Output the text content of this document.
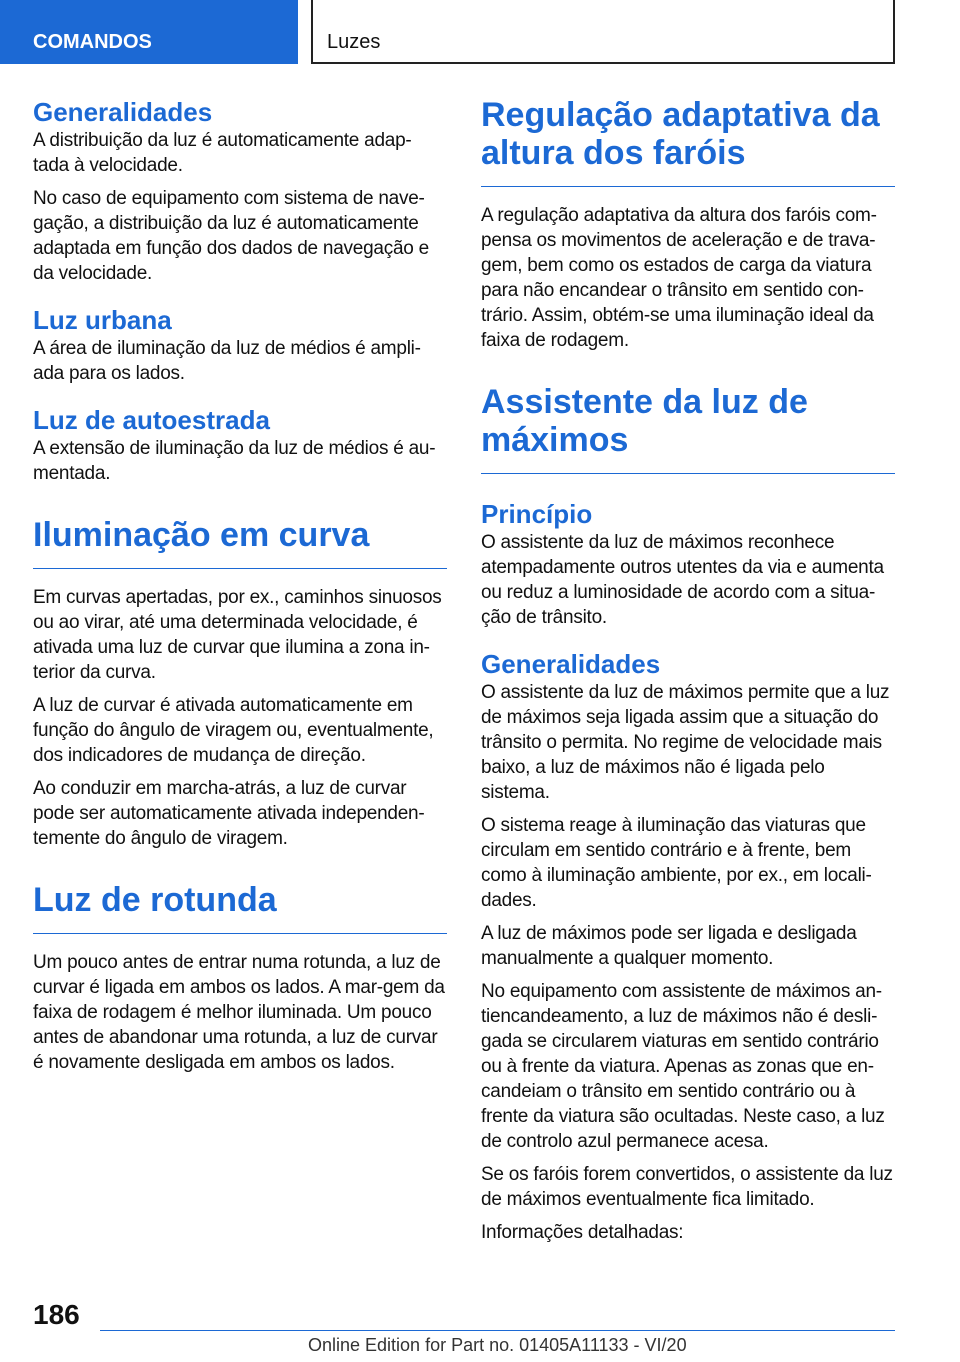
COMANDOS	Luzes
Generalidades

A distribuição da luz é automaticamente adap-tada à velocidade.

No caso de equipamento com sistema de nave-gação, a distribuição da luz é automaticamente adaptada em função dos dados de navegação e da velocidade.

Luz urbana

A área de iluminação da luz de médios é ampli-ada para os lados.

Luz de autoestrada

A extensão de iluminação da luz de médios é au-mentada.

Iluminação em curva

Em curvas apertadas, por ex., caminhos sinuosos ou ao virar, até uma determinada velocidade, é ativada uma luz de curvar que ilumina a zona in-terior da curva.

A luz de curvar é ativada automaticamente em função do ângulo de viragem ou, eventualmente, dos indicadores de mudança de direção.

Ao conduzir em marcha-atrás, a luz de curvar pode ser automaticamente ativada independen-temente do ângulo de viragem.

Luz de rotunda

Um pouco antes de entrar numa rotunda, a luz de curvar é ligada em ambos os lados. A mar-gem da faixa de rodagem é melhor iluminada. Um pouco antes de abandonar uma rotunda, a luz de curvar é novamente desligada em ambos os lados.

Regulação adaptativa da altura dos faróis

A regulação adaptativa da altura dos faróis com-pensa os movimentos de aceleração e de trava-gem, bem como os estados de carga da viatura para não encandear o trânsito em sentido con-trário. Assim, obtém-se uma iluminação ideal da faixa de rodagem.

Assistente da luz de máximos
Princípio

O assistente da luz de máximos reconhece atempadamente outros utentes da via e aumenta ou reduz a luminosidade de acordo com a situa-ção de trânsito.

Generalidades

O assistente da luz de máximos permite que a luz de máximos seja ligada assim que a situação do trânsito o permita. No regime de velocidade mais baixo, a luz de máximos não é ligada pelo sistema.

O sistema reage à iluminação das viaturas que circulam em sentido contrário e à frente, bem como à iluminação ambiente, por ex., em locali-dades.

A luz de máximos pode ser ligada e desligada manualmente a qualquer momento.

No equipamento com assistente de máximos an-tiencandeamento, a luz de máximos não é desli-gada se circularem viaturas em sentido contrário ou à frente da viatura. Apenas as zonas que en-candeiam o trânsito em sentido contrário ou à frente da viatura são ocultadas. Neste caso, a luz de controlo azul permanece acesa.

Se os faróis forem convertidos, o assistente da luz de máximos eventualmente fica limitado.

Informações detalhadas:

186
Online Edition for Part no. 01405A11133 - VI/20
